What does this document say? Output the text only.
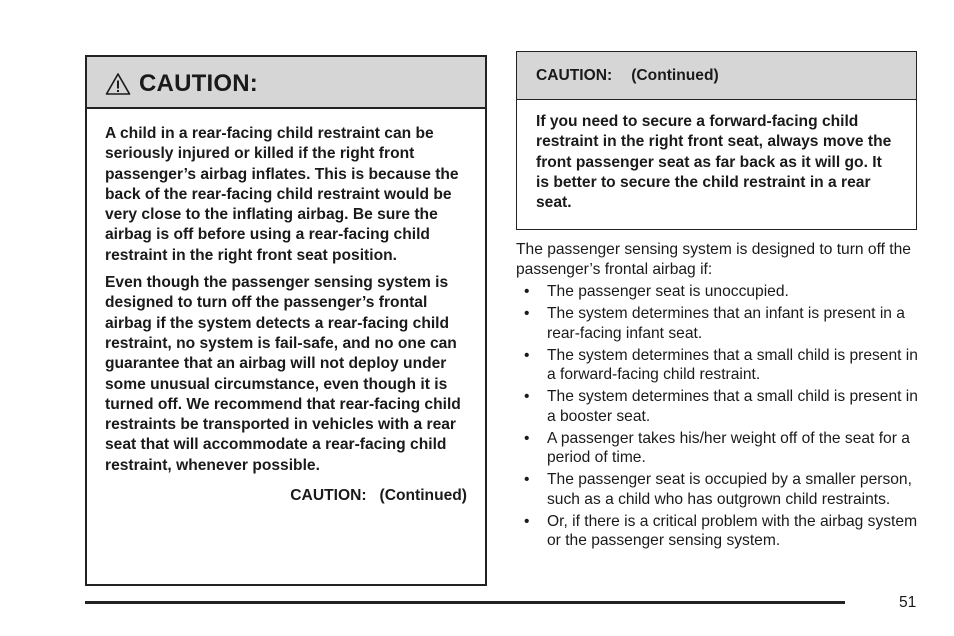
CAUTION:

A child in a rear-facing child restraint can be seriously injured or killed if the right front passenger’s airbag inflates. This is because the back of the rear-facing child restraint would be very close to the inflating airbag. Be sure the airbag is off before using a rear-facing child restraint in the right front seat position.

Even though the passenger sensing system is designed to turn off the passenger’s frontal airbag if the system detects a rear-facing child restraint, no system is fail-safe, and no one can guarantee that an airbag will not deploy under some unusual circumstance, even though it is turned off. We recommend that rear-facing child restraints be transported in vehicles with a rear seat that will accommodate a rear-facing child restraint, whenever possible.

CAUTION:   (Continued)
CAUTION:   (Continued)

If you need to secure a forward-facing child restraint in the right front seat, always move the front passenger seat as far back as it will go. It is better to secure the child restraint in a rear seat.

The passenger sensing system is designed to turn off the passenger’s frontal airbag if:

• The passenger seat is unoccupied.
• The system determines that an infant is present in a rear-facing infant seat.
• The system determines that a small child is present in a forward-facing child restraint.
• The system determines that a small child is present in a booster seat.
• A passenger takes his/her weight off of the seat for a period of time.
• The passenger seat is occupied by a smaller person, such as a child who has outgrown child restraints.
• Or, if there is a critical problem with the airbag system or the passenger sensing system.
51
